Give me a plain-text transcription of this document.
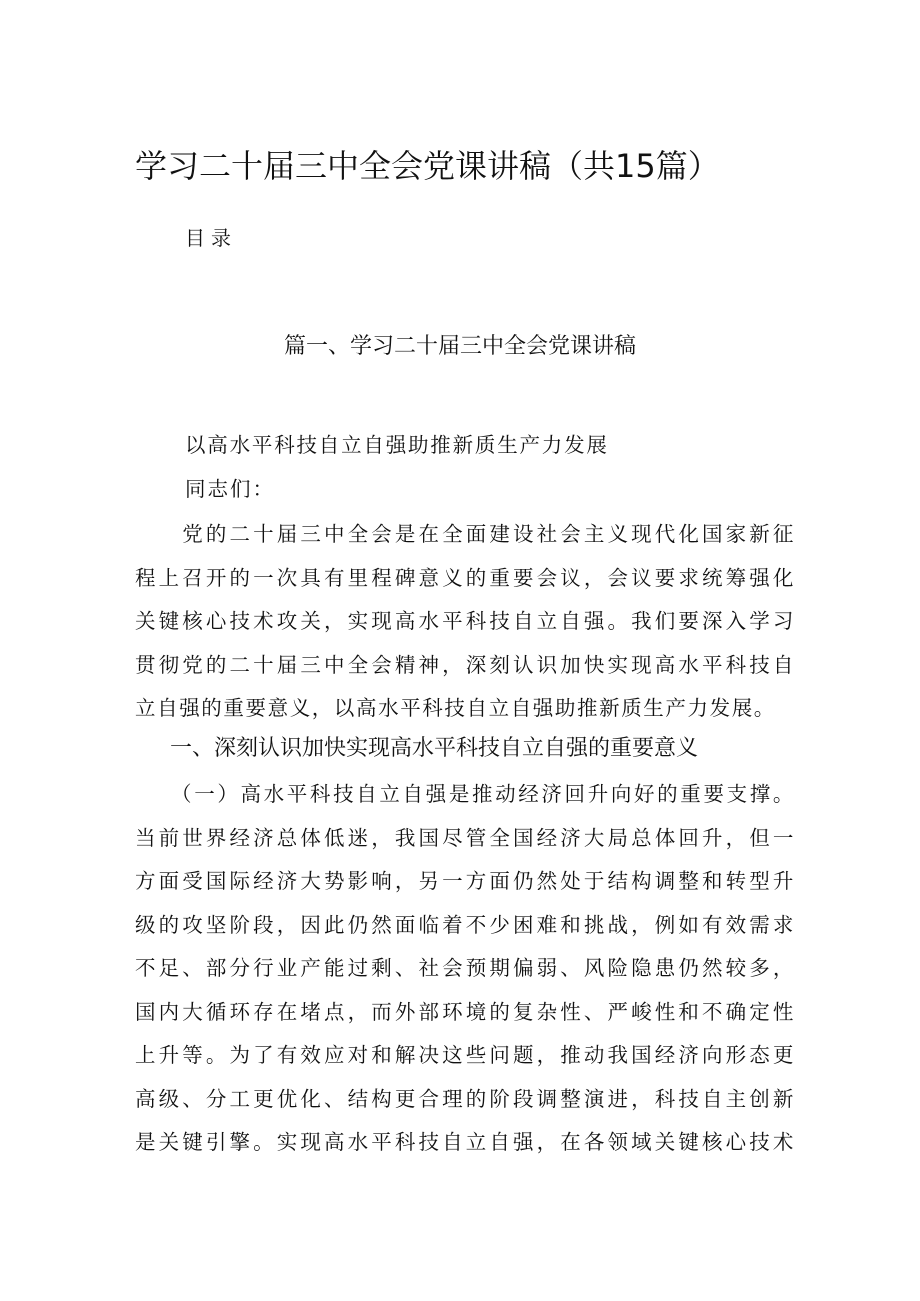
学习二十届三中全会党课讲稿（共15篇）
目录
篇一、学习二十届三中全会党课讲稿
以高水平科技自立自强助推新质生产力发展
同志们：
　　党的二十届三中全会是在全面建设社会主义现代化国家新征
程上召开的一次具有里程碑意义的重要会议，会议要求统筹强化
关键核心技术攻关，实现高水平科技自立自强。我们要深入学习
贯彻党的二十届三中全会精神，深刻认识加快实现高水平科技自
立自强的重要意义，以高水平科技自立自强助推新质生产力发展。
一、深刻认识加快实现高水平科技自立自强的重要意义
　　（一）高水平科技自立自强是推动经济回升向好的重要支撑。
当前世界经济总体低迷，我国尽管全国经济大局总体回升，但一
方面受国际经济大势影响，另一方面仍然处于结构调整和转型升
级的攻坚阶段，因此仍然面临着不少困难和挑战，例如有效需求
不足、部分行业产能过剩、社会预期偏弱、风险隐患仍然较多，
国内大循环存在堵点，而外部环境的复杂性、严峻性和不确定性
上升等。为了有效应对和解决这些问题，推动我国经济向形态更
高级、分工更优化、结构更合理的阶段调整演进，科技自主创新
是关键引擎。实现高水平科技自立自强，在各领域关键核心技术
